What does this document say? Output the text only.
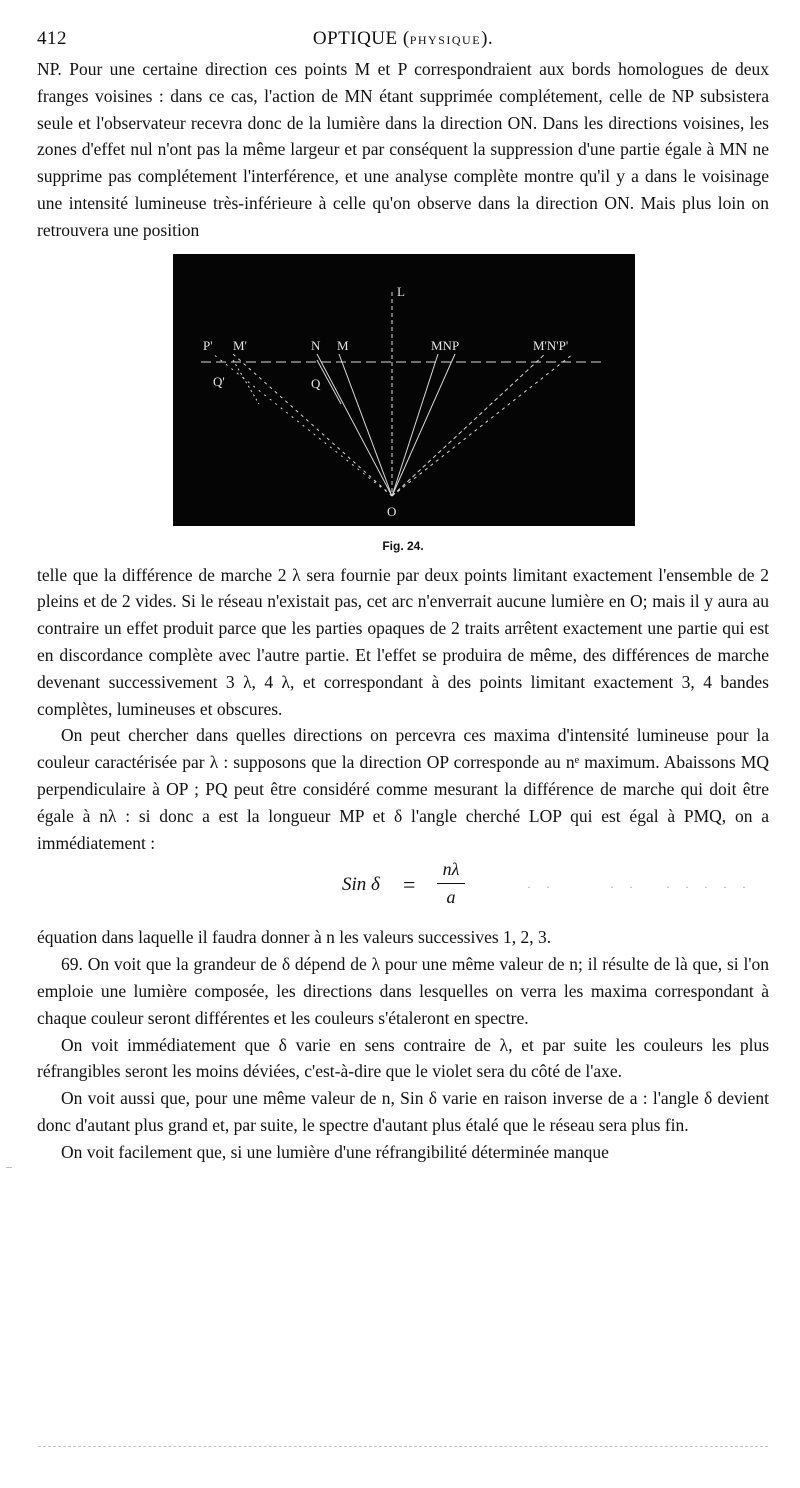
412	OPTIQUE (PHYSIQUE).

NP. Pour une certaine direction ces points M et P correspondraient aux bords homologues de deux franges voisines : dans ce cas, l'action de MN étant supprimée complétement, celle de NP subsistera seule et l'observateur recevra donc de la lumière dans la direction ON. Dans les directions voisines, les zones d'effet nul n'ont pas la même largeur et par conséquent la suppression d'une partie égale à MN ne supprime pas complétement l'interférence, et une analyse complète montre qu'il y a dans le voisinage une intensité lumineuse très-inférieure à celle qu'on observe dans la direction ON. Mais plus loin on retrouvera une position

L
P' M'	N M	MNP	M'N'P'
Q'	Q
O
Fig. 24.

telle que la différence de marche 2 λ sera fournie par deux points limitant exactement l'ensemble de 2 pleins et de 2 vides. Si le réseau n'existait pas, cet arc n'enverrait aucune lumière en O; mais il y aura au contraire un effet produit parce que les parties opaques de 2 traits arrêtent exactement une partie qui est en discordance complète avec l'autre partie. Et l'effet se produira de même, des différences de marche devenant successivement 3 λ, 4 λ, et correspondant à des points limitant exactement 3, 4 bandes complètes, lumineuses et obscures.

On peut chercher dans quelles directions on percevra ces maxima d'intensité lumineuse pour la couleur caractérisée par λ : supposons que la direction OP corresponde au nᵉ maximum. Abaissons MQ perpendiculaire à OP ; PQ peut être considéré comme mesurant la différence de marche qui doit être égale à nλ : si donc a est la longueur MP et δ l'angle cherché LOP qui est égal à PMQ, on a immédiatement :

Sin δ =
nλ
a	· ·      · ·   · · · · ·

équation dans laquelle il faudra donner à n les valeurs successives 1, 2, 3.

69. On voit que la grandeur de δ dépend de λ pour une même valeur de n; il résulte de là que, si l'on emploie une lumière composée, les directions dans lesquelles on verra les maxima correspondant à chaque couleur seront différentes et les couleurs s'étaleront en spectre.

On voit immédiatement que δ varie en sens contraire de λ, et par suite les couleurs les plus réfrangibles seront les moins déviées, c'est-à-dire que le violet sera du côté de l'axe.

On voit aussi que, pour une même valeur de n, Sin δ varie en raison inverse de a : l'angle δ devient donc d'autant plus grand et, par suite, le spectre d'autant plus étalé que le réseau sera plus fin.

On voit facilement que, si une lumière d'une réfrangibilité déterminée manque
